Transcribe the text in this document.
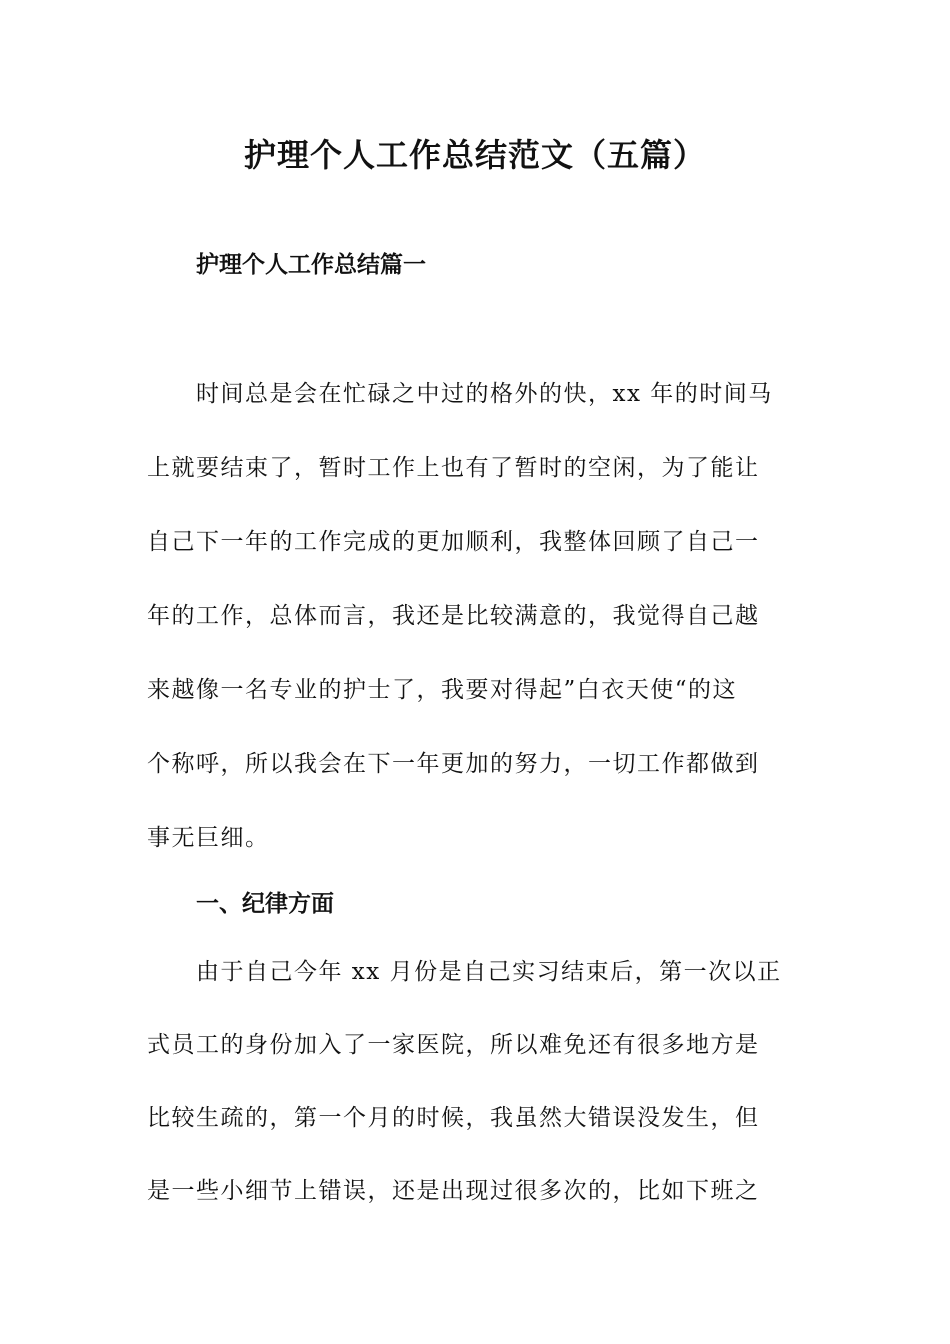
护理个人工作总结范文（五篇）
护理个人工作总结篇一
时间总是会在忙碌之中过的格外的快，xx 年的时间马
上就要结束了，暂时工作上也有了暂时的空闲，为了能让
自己下一年的工作完成的更加顺利，我整体回顾了自己一
年的工作，总体而言，我还是比较满意的，我觉得自己越
来越像一名专业的护士了，我要对得起”白衣天使“的这
个称呼，所以我会在下一年更加的努力，一切工作都做到
事无巨细。
一、纪律方面
由于自己今年 xx 月份是自己实习结束后，第一次以正
式员工的身份加入了一家医院，所以难免还有很多地方是
比较生疏的，第一个月的时候，我虽然大错误没发生，但
是一些小细节上错误，还是出现过很多次的，比如下班之
